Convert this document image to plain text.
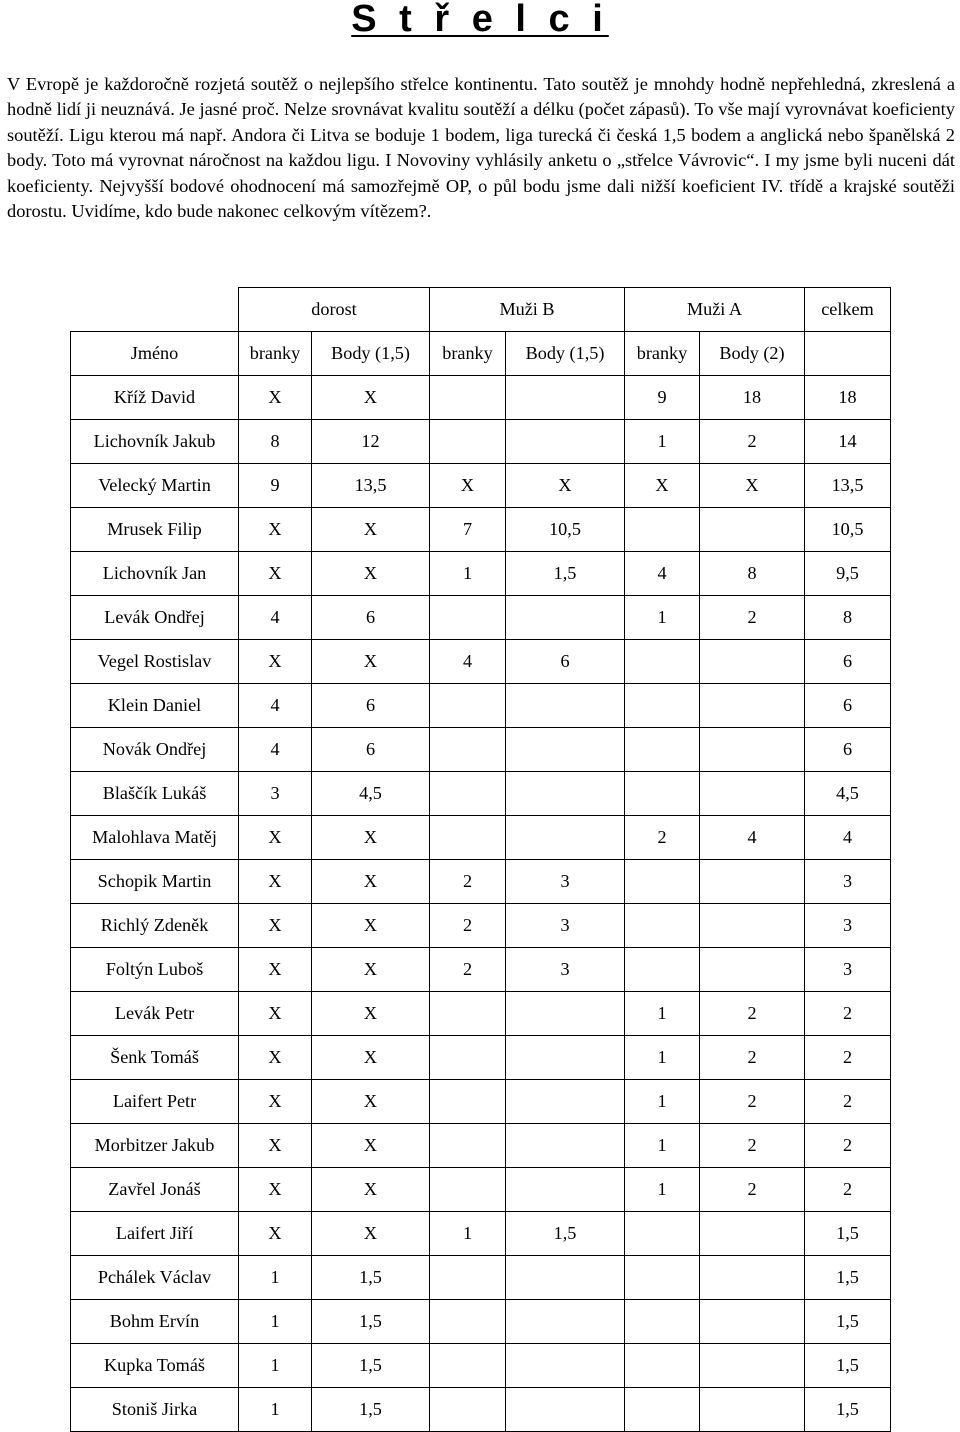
S t ř e l c i

V Evropě je každoročně rozjetá soutěž o nejlepšího střelce kontinentu. Tato soutěž je mnohdy hodně nepřehledná, zkreslená a hodně lidí ji neuznává. Je jasné proč. Nelze srovnávat kvalitu soutěží a délku (počet zápasů). To vše mají vyrovnávat koeficienty soutěží. Ligu kterou má např. Andora či Litva se boduje 1 bodem, liga turecká či česká 1,5 bodem a anglická nebo španělská 2 body. Toto má vyrovnat náročnost na každou ligu. I Novoviny vyhlásily anketu o „střelce Vávrovic“. I my jsme byli nuceni dát koeficienty. Nejvyšší bodové ohodnocení má samozřejmě OP, o půl bodu jsme dali nižší koeficient IV. třídě a krajské soutěži dorostu. Uvidíme, kdo bude nakonec celkovým vítězem?.

	dorost		Muži B		Muži A		celkem
Jméno	branky	Body (1,5)	branky	Body (1,5)	branky	Body (2)	
Kříž David	X	X			9	18	18
Lichovník Jakub	8	12			1	2	14
Velecký Martin	9	13,5	X	X	X	X	13,5
Mrusek Filip	X	X	7	10,5			10,5
Lichovník Jan	X	X	1	1,5	4	8	9,5
Levák Ondřej	4	6			1	2	8
Vegel Rostislav	X	X	4	6			6
Klein Daniel	4	6					6
Novák Ondřej	4	6					6
Blaščík Lukáš	3	4,5					4,5
Malohlava Matěj	X	X			2	4	4
Schopik Martin	X	X	2	3			3
Richlý Zdeněk	X	X	2	3			3
Foltýn Luboš	X	X	2	3			3
Levák Petr	X	X			1	2	2
Šenk Tomáš	X	X			1	2	2
Laifert Petr	X	X			1	2	2
Morbitzer Jakub	X	X			1	2	2
Zavřel Jonáš	X	X			1	2	2
Laifert Jiří	X	X	1	1,5			1,5
Pchálek Václav	1	1,5					1,5
Bohm Ervín	1	1,5					1,5
Kupka Tomáš	1	1,5					1,5
Stoniš Jirka	1	1,5					1,5
